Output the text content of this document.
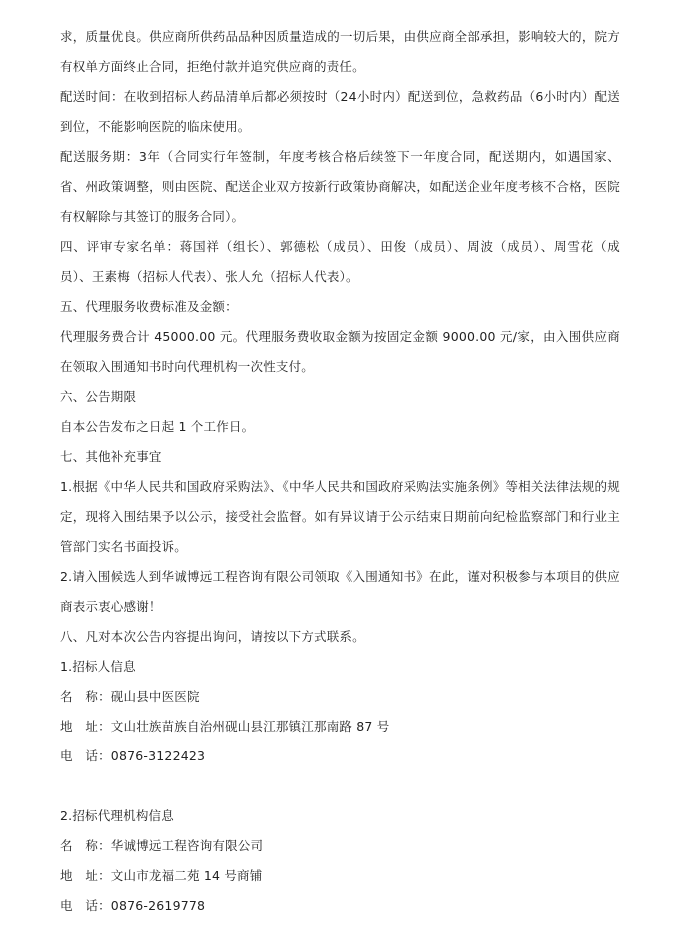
求，质量优良。供应商所供药品品种因质量造成的一切后果，由供应商全部承担，影响较大的，院方有权单方面终止合同，拒绝付款并追究供应商的责任。
配送时间：在收到招标人药品清单后都必须按时（24小时内）配送到位，急救药品（6小时内）配送到位，不能影响医院的临床使用。
配送服务期：3年（合同实行年签制，年度考核合格后续签下一年度合同，配送期内，如遇国家、省、州政策调整，则由医院、配送企业双方按新行政策协商解决，如配送企业年度考核不合格，医院有权解除与其签订的服务合同）。
四、评审专家名单：蒋国祥（组长）、郭德松（成员）、田俊（成员）、周波（成员）、周雪花（成员）、王素梅（招标人代表）、张人允（招标人代表）。
五、代理服务收费标准及金额：
代理服务费合计 45000.00 元。代理服务费收取金额为按固定金额 9000.00 元/家，由入围供应商在领取入围通知书时向代理机构一次性支付。
六、公告期限
自本公告发布之日起 1 个工作日。
七、其他补充事宜
1.根据《中华人民共和国政府采购法》、《中华人民共和国政府采购法实施条例》等相关法律法规的规定，现将入围结果予以公示，接受社会监督。如有异议请于公示结束日期前向纪检监察部门和行业主管部门实名书面投诉。
2.请入围候选人到华诚博远工程咨询有限公司领取《入围通知书》在此，谨对积极参与本项目的供应商表示衷心感谢！
八、凡对本次公告内容提出询问，请按以下方式联系。
1.招标人信息
名　称：砚山县中医医院
地　址：文山壮族苗族自治州砚山县江那镇江那南路 87 号
电　话：0876-3122423
2.招标代理机构信息
名　称：华诚博远工程咨询有限公司
地　址：文山市龙福二苑 14 号商铺
电　话：0876-2619778
